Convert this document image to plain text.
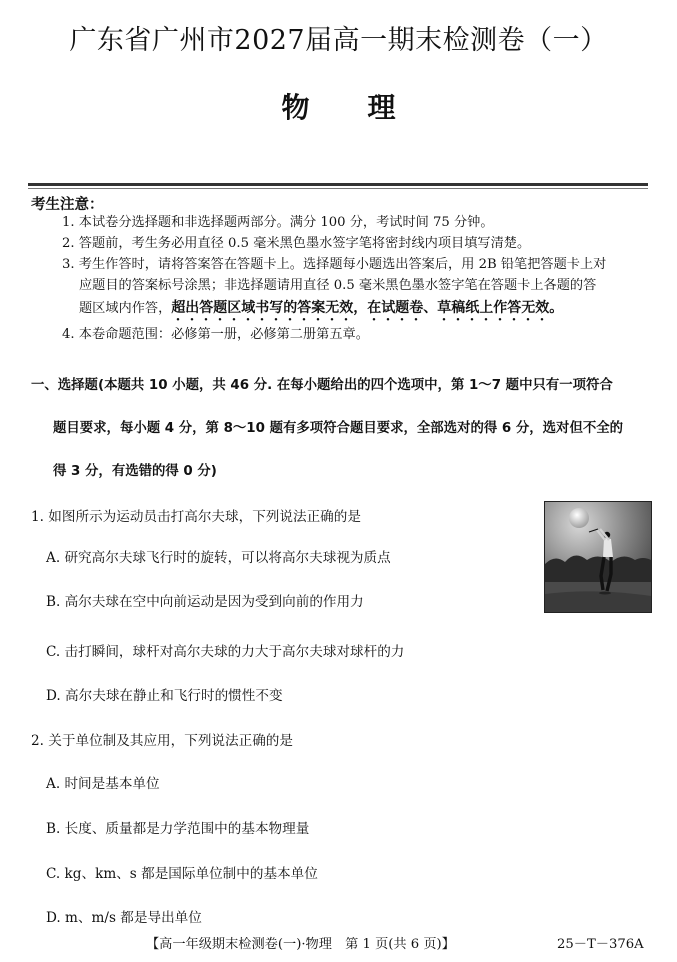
广东省广州市2027届高一期末检测卷（一）
物理
考生注意：
1. 本试卷分选择题和非选择题两部分。满分 100 分，考试时间 75 分钟。
2. 答题前，考生务必用直径 0.5 毫米黑色墨水签字笔将密封线内项目填写清楚。
3. 考生作答时，请将答案答在答题卡上。选择题每小题选出答案后，用 2B 铅笔把答题卡上对
应题目的答案标号涂黑；非选择题请用直径 0.5 毫米黑色墨水签字笔在答题卡上各题的答
题区域内作答，超出答题区域书写的答案无效，在试题卷、草稿纸上作答无效。
4. 本卷命题范围：必修第一册，必修第二册第五章。
一、选择题(本题共 10 小题，共 46 分. 在每小题给出的四个选项中，第 1～7 题中只有一项符合
题目要求，每小题 4 分，第 8～10 题有多项符合题目要求，全部选对的得 6 分，选对但不全的
得 3 分，有选错的得 0 分)
1. 如图所示为运动员击打高尔夫球，下列说法正确的是
A. 研究高尔夫球飞行时的旋转，可以将高尔夫球视为质点
B. 高尔夫球在空中向前运动是因为受到向前的作用力
C. 击打瞬间，球杆对高尔夫球的力大于高尔夫球对球杆的力
D. 高尔夫球在静止和飞行时的惯性不变
2. 关于单位制及其应用，下列说法正确的是
A. 时间是基本单位
B. 长度、质量都是力学范围中的基本物理量
C. kg、km、s 都是国际单位制中的基本单位
D. m、m/s 都是导出单位
【高一年级期末检测卷(一)·物理　第 1 页(共 6 页)】	25－T－376A
